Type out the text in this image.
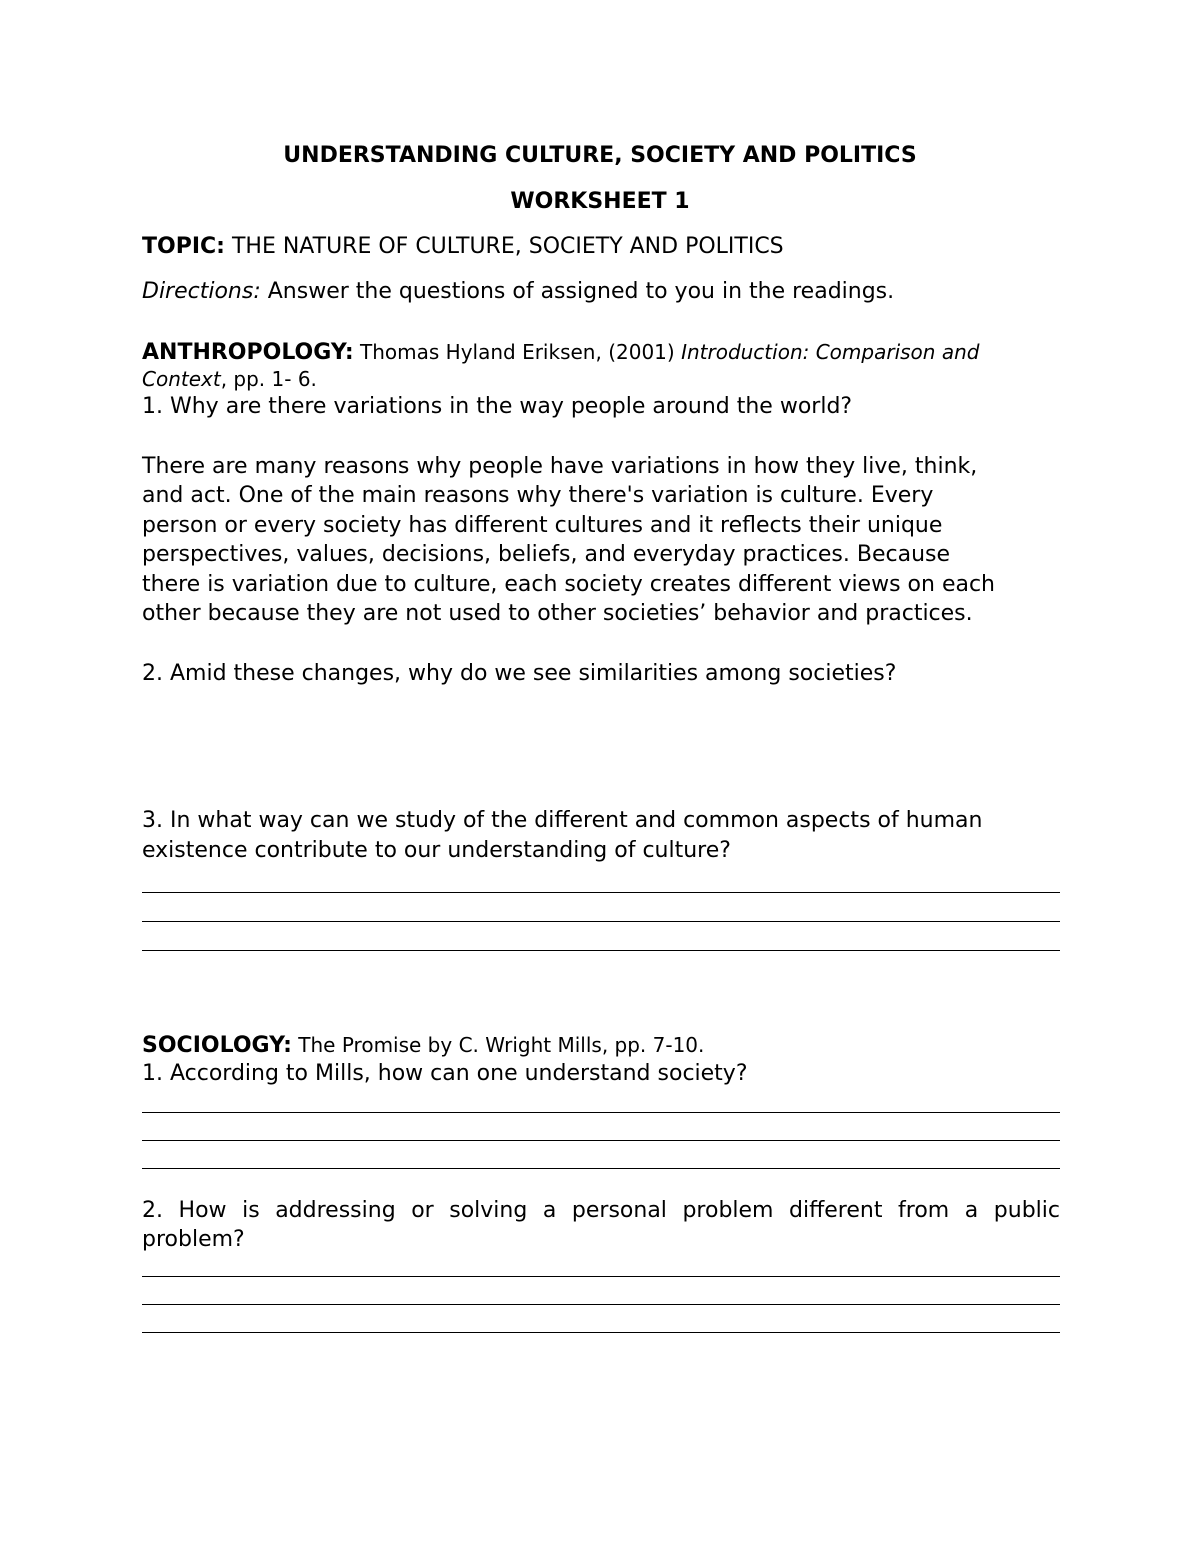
UNDERSTANDING CULTURE, SOCIETY AND POLITICS
WORKSHEET 1
TOPIC: THE NATURE OF CULTURE, SOCIETY AND POLITICS
Directions: Answer the questions of assigned to you in the readings.
ANTHROPOLOGY: Thomas Hyland Eriksen, (2001) Introduction: Comparison and
Context, pp. 1- 6.
1. Why are there variations in the way people around the world?
There are many reasons why people have variations in how they live, think,
and act. One of the main reasons why there's variation is culture. Every
person or every society has different cultures and it reflects their unique
perspectives, values, decisions, beliefs, and everyday practices. Because
there is variation due to culture, each society creates different views on each
other because they are not used to other societies’ behavior and practices.
2. Amid these changes, why do we see similarities among societies?
3. In what way can we study of the different and common aspects of human
existence contribute to our understanding of culture?
SOCIOLOGY: The Promise by C. Wright Mills, pp. 7-10.
1. According to Mills, how can one understand society?
2. How is addressing or solving a personal problem different from a public problem?
